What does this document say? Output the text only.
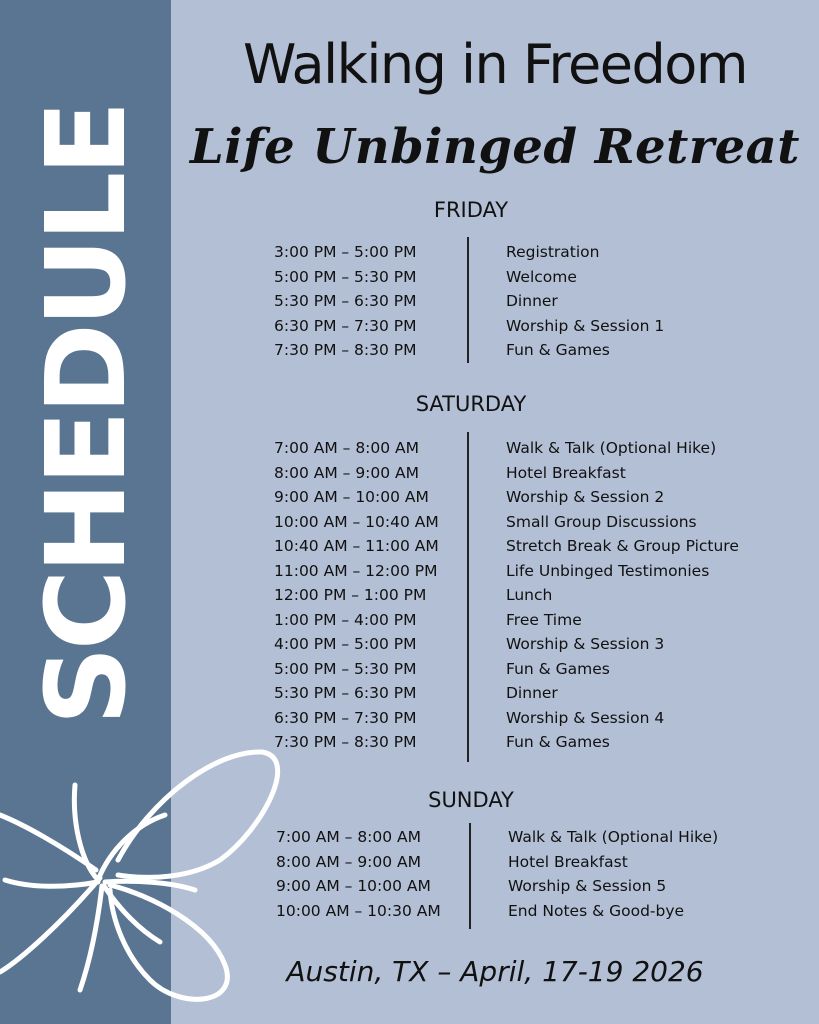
SCHEDULE
Walking in Freedom
Life Unbinged Retreat
FRIDAY
3:00 PM – 5:00 PM	Registration
5:00 PM – 5:30 PM	Welcome
5:30 PM – 6:30 PM	Dinner
6:30 PM – 7:30 PM	Worship & Session 1
7:30 PM – 8:30 PM	Fun & Games
SATURDAY
7:00 AM – 8:00 AM	Walk & Talk (Optional Hike)
8:00 AM – 9:00 AM	Hotel Breakfast
9:00 AM – 10:00 AM	Worship & Session 2
10:00 AM – 10:40 AM	Small Group Discussions
10:40 AM – 11:00 AM	Stretch Break & Group Picture
11:00 AM – 12:00 PM	Life Unbinged Testimonies
12:00 PM – 1:00 PM	Lunch
1:00 PM – 4:00 PM	Free Time
4:00 PM – 5:00 PM	Worship & Session 3
5:00 PM – 5:30 PM	Fun & Games
5:30 PM – 6:30 PM	Dinner
6:30 PM – 7:30 PM	Worship & Session 4
7:30 PM – 8:30 PM	Fun & Games
SUNDAY
7:00 AM – 8:00 AM	Walk & Talk (Optional Hike)
8:00 AM – 9:00 AM	Hotel Breakfast
9:00 AM – 10:00 AM	Worship & Session 5
10:00 AM – 10:30 AM	End Notes & Good-bye
Austin, TX – April, 17-19 2026
